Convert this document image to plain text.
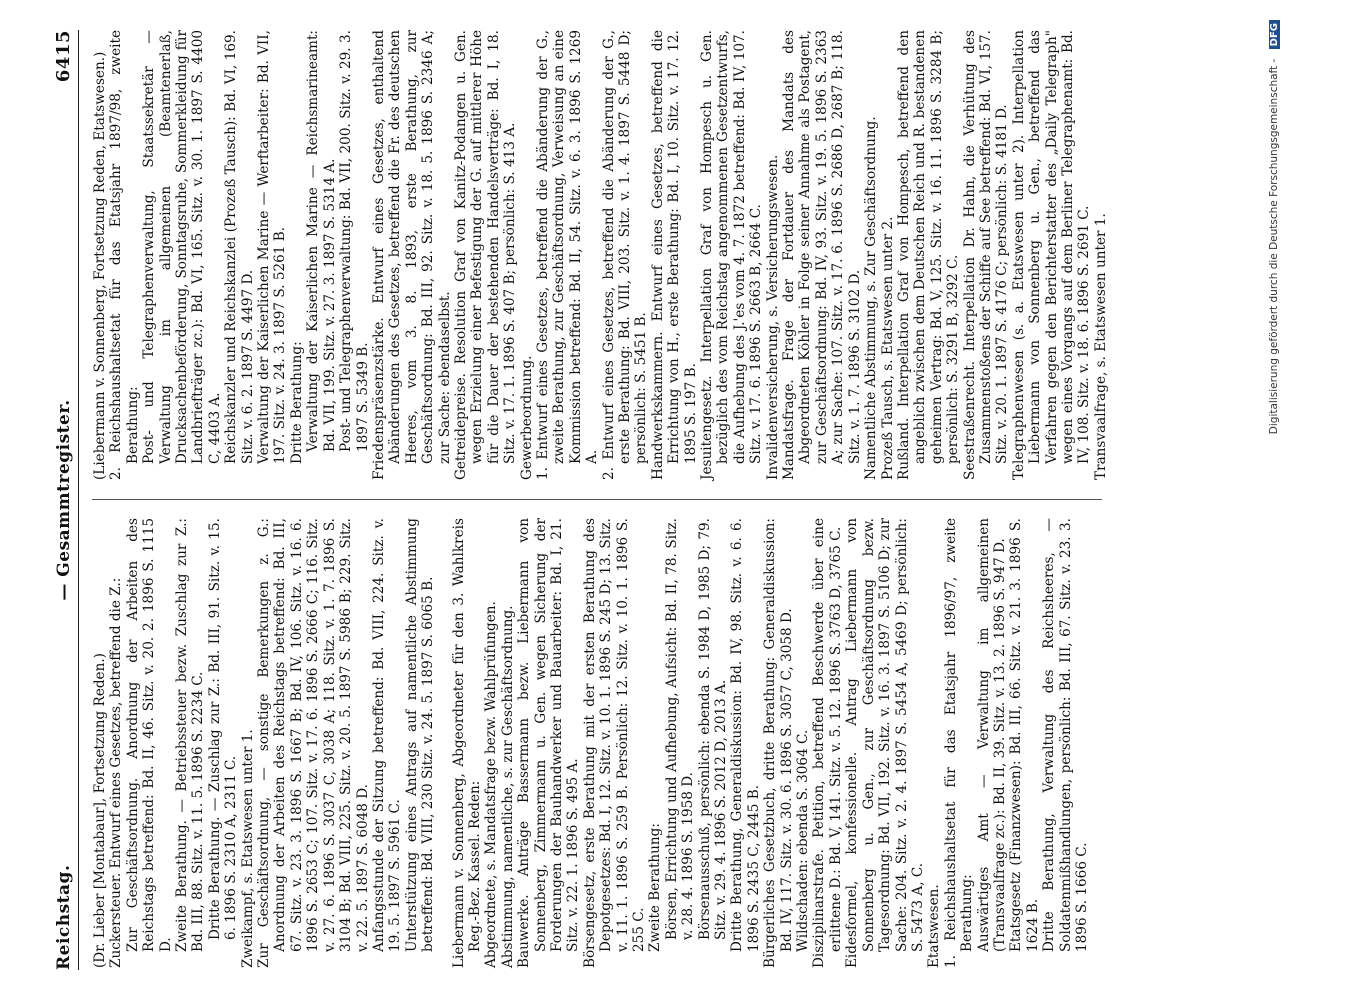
Reichstag.
— Gesammtregister.
6415

(Dr. Lieber [Montabaur], Fortsetzung Reden.) Zuckersteuer. Entwurf eines Gesetzes, betreffend die Z.: Zur Geschäftsordnung. Anordnung der Arbeiten des Reichstags betreffend: Bd. II, 46. Sitz. v. 20. 2. 1896 S. 1115 D. Zweite Berathung. — Betriebssteuer bezw. Zuschlag zur Z.: Bd. III, 88. Sitz. v. 11. 5. 1896 S. 2234 C. Dritte Berathung. — Zuschlag zur Z.: Bd. III, 91. Sitz. v. 15. 6. 1896 S. 2310 A, 2311 C. Zweikampf, s. Etatswesen unter 1. Zur Geschäftsordnung, — sonstige Bemerkungen z. G.: Anordnung der Arbeiten des Reichstags betreffend: Bd. III, 67. Sitz. v. 23. 3. 1896 S. 1667 B; Bd. IV, 106. Sitz. v. 16. 6. 1896 S. 2653 C; 107. Sitz. v. 17. 6. 1896 S. 2666 C; 116. Sitz. v. 27. 6. 1896 S. 3037 C, 3038 A; 118. Sitz. v. 1. 7. 1896 S. 3104 B; Bd. VIII, 225. Sitz. v. 20. 5. 1897 S. 5986 B; 229. Sitz. v. 22. 5. 1897 S. 6048 D. Anfangsstunde der Sitzung betreffend: Bd. VIII, 224. Sitz. v. 19. 5. 1897 S. 5961 C. Unterstützung eines Antrags auf namentliche Abstimmung betreffend: Bd. VIII, 230 Sitz. v. 24. 5. 1897 S. 6065 B. Liebermann v. Sonnenberg, Abgeordneter für den 3. Wahlkreis Reg.-Bez. Kassel. Reden: Abgeordnete, s. Mandatsfrage bezw. Wahlprüfungen. Abstimmung, namentliche, s. zur Geschäftsordnung. Bauwerke. Anträge Bassermann bezw. Liebermann von Sonnenberg, Zimmermann u. Gen. wegen Sicherung der Forderungen der Bauhandwerker und Bauarbeiter: Bd. I, 21. Sitz. v. 22. 1. 1896 S. 495 A. Börsengesetz, erste Berathung mit der ersten Berathung des Depotgesetzes: Bd. I, 12. Sitz. v. 10. 1. 1896 S. 245 D; 13. Sitz. v. 11. 1. 1896 S. 259 B. Persönlich: 12. Sitz. v. 10. 1. 1896 S. 255 C. Zweite Berathung: Börsen, Errichtung und Aufhebung, Aufsicht: Bd. II, 78. Sitz. v. 28. 4. 1896 S. 1958 D. Börsenausschuß, persönlich: ebenda S. 1984 D, 1985 D; 79. Sitz. v. 29. 4. 1896 S. 2012 D, 2013 A. Dritte Berathung, Generaldiskussion: Bd. IV, 98. Sitz. v. 6. 6. 1896 S. 2435 C, 2445 B. Bürgerliches Gesetzbuch, dritte Berathung: Generaldiskussion: Bd. IV, 117. Sitz. v. 30. 6. 1896 S. 3057 C, 3058 D. Wildschaden: ebenda S. 3064 C. Disziplinarstrafe. Petition, betreffend Beschwerde über eine erlittene D.: Bd. V, 141. Sitz. v. 5. 12. 1896 S. 3763 D, 3765 C. Eidesformel, konfessionelle. Antrag Liebermann von Sonnenberg u. Gen., zur Geschäftsordnung bezw. Tagesordnung: Bd. VII, 192. Sitz. v. 16. 3. 1897 S. 5106 D; zur Sache: 204. Sitz. v. 2. 4. 1897 S. 5454 A, 5469 D; persönlich: S. 5473 A, C. Etatswesen. 1. Reichshaushaltsetat für das Etatsjahr 1896/97, zweite Berathung: Auswärtiges Amt — Verwaltung im allgemeinen (Transvaalfrage zc.): Bd. II, 39. Sitz. v. 13. 2. 1896 S. 947 D. Etatsgesetz (Finanzwesen): Bd. III, 66. Sitz. v. 21. 3. 1896 S. 1624 B. Dritte Berathung, Verwaltung des Reichsheeres, — Soldatenmißhandlungen, persönlich: Bd. III, 67. Sitz. v. 23. 3. 1896 S. 1666 C.

(Liebermann v. Sonnenberg, Fortsetzung Reden, Etatswesen.) 2. Reichshaushaltsetat für das Etatsjahr 1897/98, zweite Berathung: Post- und Telegraphenverwaltung, Staatssekretär — Verwaltung im allgemeinen (Beamtenerlaß, Drucksachenbeförderung, Sonntagsruhe, Sommerkleidung für Landbriefträger zc.): Bd. VI, 165. Sitz. v. 30. 1. 1897 S. 4400 C, 4403 A. Reichskanzler und Reichskanzlei (Prozeß Tausch): Bd. VI, 169. Sitz. v. 6. 2. 1897 S. 4497 D. Verwaltung der Kaiserlichen Marine — Werftarbeiter: Bd. VII, 197. Sitz. v. 24. 3. 1897 S. 5261 B. Dritte Berathung: Verwaltung der Kaiserlichen Marine — Reichsmarineamt: Bd. VII, 199. Sitz. v. 27. 3. 1897 S. 5314 A. Post- und Telegraphenverwaltung: Bd. VII, 200. Sitz. v. 29. 3. 1897 S. 5349 B. Friedenspräsenzstärke. Entwurf eines Gesetzes, enthaltend Abänderungen des Gesetzes, betreffend die Fr. des deutschen Heeres, vom 3. 8. 1893, erste Berathung, zur Geschäftsordnung: Bd. III, 92. Sitz. v. 18. 5. 1896 S. 2346 A; zur Sache: ebendaselbst. Getreidepreise. Resolution Graf von Kanitz-Podangen u. Gen. wegen Erzielung einer Befestigung der G. auf mittlerer Höhe für die Dauer der bestehenden Handelsverträge: Bd. I, 18. Sitz. v. 17. 1. 1896 S. 407 B; persönlich: S. 413 A. Gewerbeordnung. 1. Entwurf eines Gesetzes, betreffend die Abänderung der G., zweite Berathung, zur Geschäftsordnung, Verweisung an eine Kommission betreffend: Bd. II, 54. Sitz. v. 6. 3. 1896 S. 1269 A. 2. Entwurf eines Gesetzes, betreffend die Abänderung der G., erste Berathung: Bd. VIII, 203. Sitz. v. 1. 4. 1897 S. 5448 D; persönlich: S. 5451 B. Handwerkskammern. Entwurf eines Gesetzes, betreffend die Errichtung von H., erste Berathung: Bd. I, 10. Sitz. v. 17. 12. 1895 S. 197 B. Jesuitengesetz. Interpellation Graf von Hompesch u. Gen. bezüglich des vom Reichstag angenommenen Gesetzentwurfs, die Aufhebung des J.'es vom 4. 7. 1872 betreffend: Bd. IV, 107. Sitz. v. 17. 6. 1896 S. 2663 B, 2664 C. Invalidenversicherung, s. Versicherungswesen. Mandatsfrage. Frage der Fortdauer des Mandats des Abgeordneten Köhler in Folge seiner Annahme als Postagent, zur Geschäftsordnung: Bd. IV, 93. Sitz. v. 19. 5. 1896 S. 2363 A; zur Sache: 107. Sitz. v. 17. 6. 1896 S. 2686 D, 2687 B; 118. Sitz. v. 1. 7. 1896 S. 3102 D. Namentliche Abstimmung, s. Zur Geschäftsordnung. Prozeß Tausch, s. Etatswesen unter 2. Rußland. Interpellation Graf von Hompesch, betreffend den angeblich zwischen dem Deutschen Reich und R. bestandenen geheimen Vertrag: Bd. V, 125. Sitz. v. 16. 11. 1896 S. 3284 B; persönlich: S. 3291 B, 3292 C. Seestraßenrecht. Interpellation Dr. Hahn, die Verhütung des Zusammenstoßens der Schiffe auf See betreffend: Bd. VI, 157. Sitz. v. 20. 1. 1897 S. 4176 C; persönlich: S. 4181 D. Telegraphenwesen (s. a. Etatswesen unter 2). Interpellation Liebermann von Sonnenberg u. Gen., betreffend das Verfahren gegen den Berichterstatter des „Daily Telegraph" wegen eines Vorgangs auf dem Berliner Telegraphenamt: Bd. IV, 108. Sitz. v. 18. 6. 1896 S. 2691 C. Transvaalfrage, s. Etatswesen unter 1.	Digitalisierung gefördert durch die Deutsche Forschungsgemeinschaft - DFG
